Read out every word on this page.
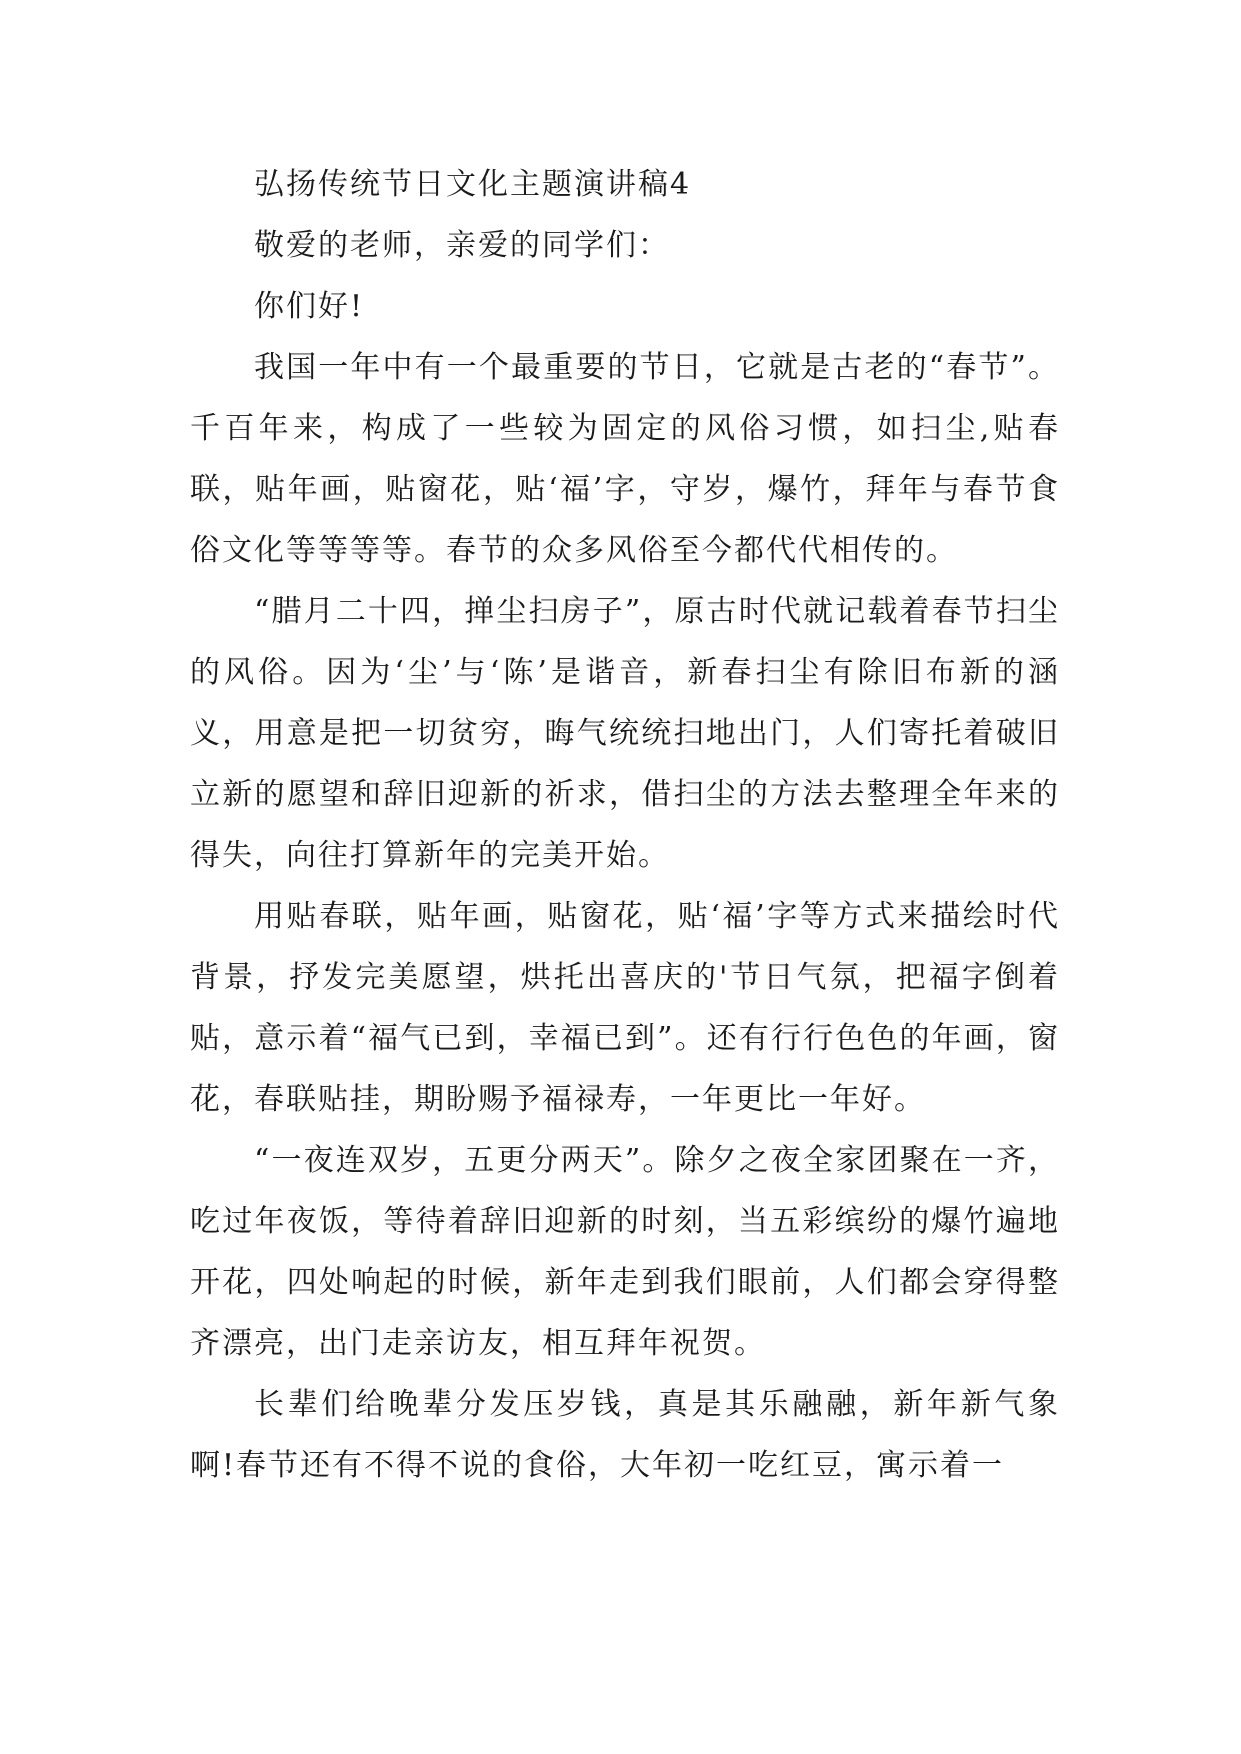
弘扬传统节日文化主题演讲稿4

敬爱的老师，亲爱的同学们：

你们好!

我国一年中有一个最重要的节日，它就是古老的“春节”。千百年来，构成了一些较为固定的风俗习惯，如扫尘,贴春联，贴年画，贴窗花，贴‘福’字，守岁，爆竹，拜年与春节食俗文化等等等等。春节的众多风俗至今都代代相传的。

“腊月二十四，掸尘扫房子”，原古时代就记载着春节扫尘的风俗。因为‘尘’与‘陈’是谐音，新春扫尘有除旧布新的涵义，用意是把一切贫穷，晦气统统扫地出门，人们寄托着破旧立新的愿望和辞旧迎新的祈求，借扫尘的方法去整理全年来的得失，向往打算新年的完美开始。

用贴春联，贴年画，贴窗花，贴‘福’字等方式来描绘时代背景，抒发完美愿望，烘托出喜庆的'节日气氛，把福字倒着贴，意示着“福气已到，幸福已到”。还有行行色色的年画，窗花，春联贴挂，期盼赐予福禄寿，一年更比一年好。

“一夜连双岁，五更分两天”。除夕之夜全家团聚在一齐，吃过年夜饭，等待着辞旧迎新的时刻，当五彩缤纷的爆竹遍地开花，四处响起的时候，新年走到我们眼前，人们都会穿得整齐漂亮，出门走亲访友，相互拜年祝贺。

长辈们给晚辈分发压岁钱，真是其乐融融，新年新气象啊!春节还有不得不说的食俗，大年初一吃红豆，寓示着一
